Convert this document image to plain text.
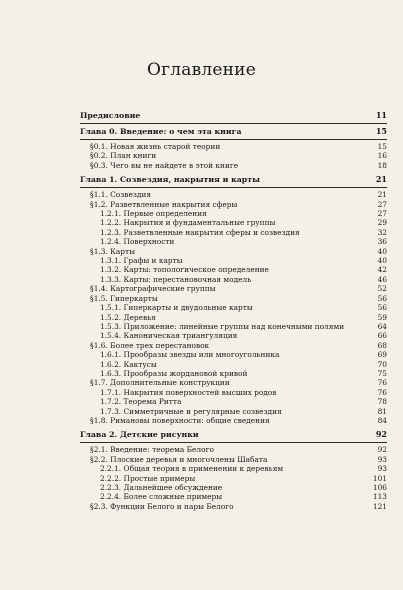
Оглавление
Предисловие	11
Глава 0. Введение: о чем эта книга	15
§0.1. Новая жизнь старой теории	15
§0.2. План книги	16
§0.3. Чего вы не найдете в этой книге	18
Глава 1. Созвездия, накрытия и карты	21
§1.1. Созвездия	21
§1.2. Разветвленные накрытия сферы	27
1.2.1. Первые определения	27
1.2.2. Накрытия и фундаментальные группы	29
1.2.3. Разветвленные накрытия сферы и созвездия	32
1.2.4. Поверхности	36
§1.3. Карты	40
1.3.1. Графы и карты	40
1.3.2. Карты: топологическое определение	42
1.3.3. Карты: перестановочная модель	46
§1.4. Картографические группы	52
§1.5. Гиперкарты	56
1.5.1. Гиперкарты и двудольные карты	56
1.5.2. Деревья	59
1.5.3. Приложение: линейные группы над конечными полями	64
1.5.4. Каноническая триангуляция	66
§1.6. Более трех перестановок	68
1.6.1. Прообразы звезды или многоугольника	69
1.6.2. Кактусы	70
1.6.3. Прообразы жордановой кривой	75
§1.7. Дополнительные конструкции	76
1.7.1. Накрытия поверхностей высших родов	76
1.7.2. Теорема Ритта	78
1.7.3. Симметричные и регулярные созвездия	81
§1.8. Римановы поверхности: общие сведения	84
Глава 2. Детские рисунки	92
§2.1. Введение: теорема Белого	92
§2.2. Плоские деревья и многочлены Шабата	93
2.2.1. Общая теория в применении к деревьям	93
2.2.2. Простые примеры	101
2.2.3. Дальнейшее обсуждение	106
2.2.4. Более сложные примеры	113
§2.3. Функции Белого и пары Белого	121
